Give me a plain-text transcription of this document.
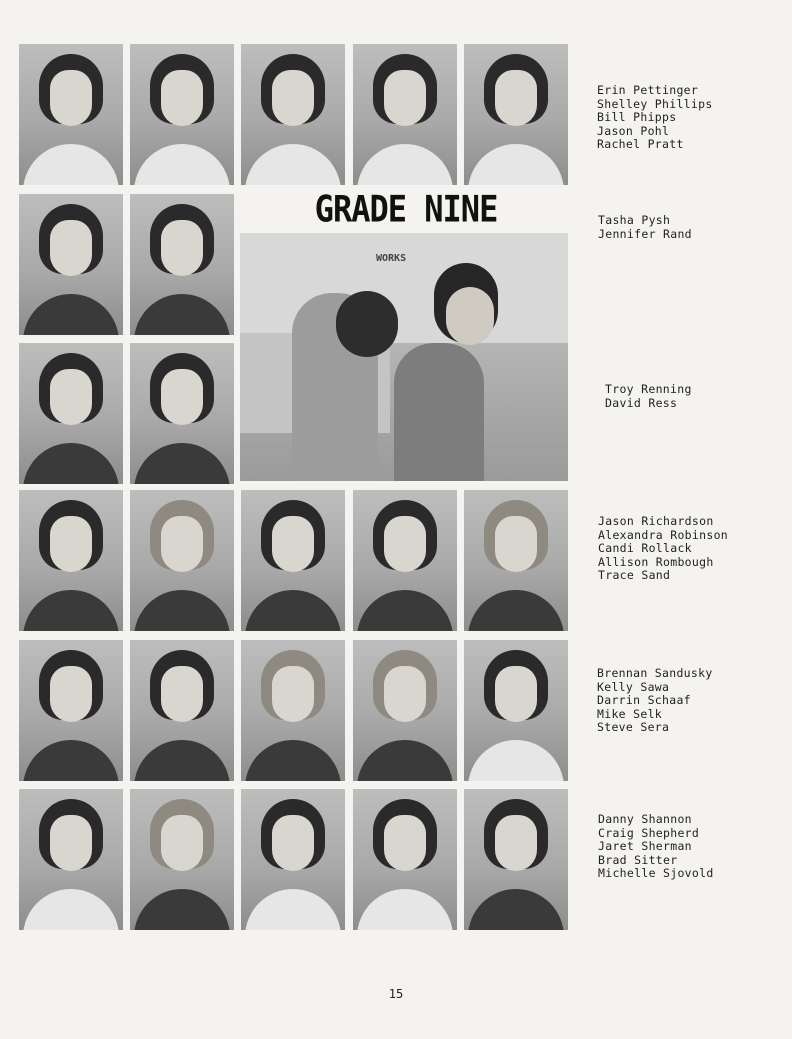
Erin Pettinger
Shelley Phillips
Bill Phipps
Jason Pohl
Rachel Pratt
GRADE NINE	Tasha Pysh
Jennifer Rand
WORKS
Troy Renning
David Ress
Jason Richardson
Alexandra Robinson
Candi Rollack
Allison Rombough
Trace Sand
Brennan Sandusky
Kelly Sawa
Darrin Schaaf
Mike Selk
Steve Sera
Danny Shannon
Craig Shepherd
Jaret Sherman
Brad Sitter
Michelle Sjovold
15
